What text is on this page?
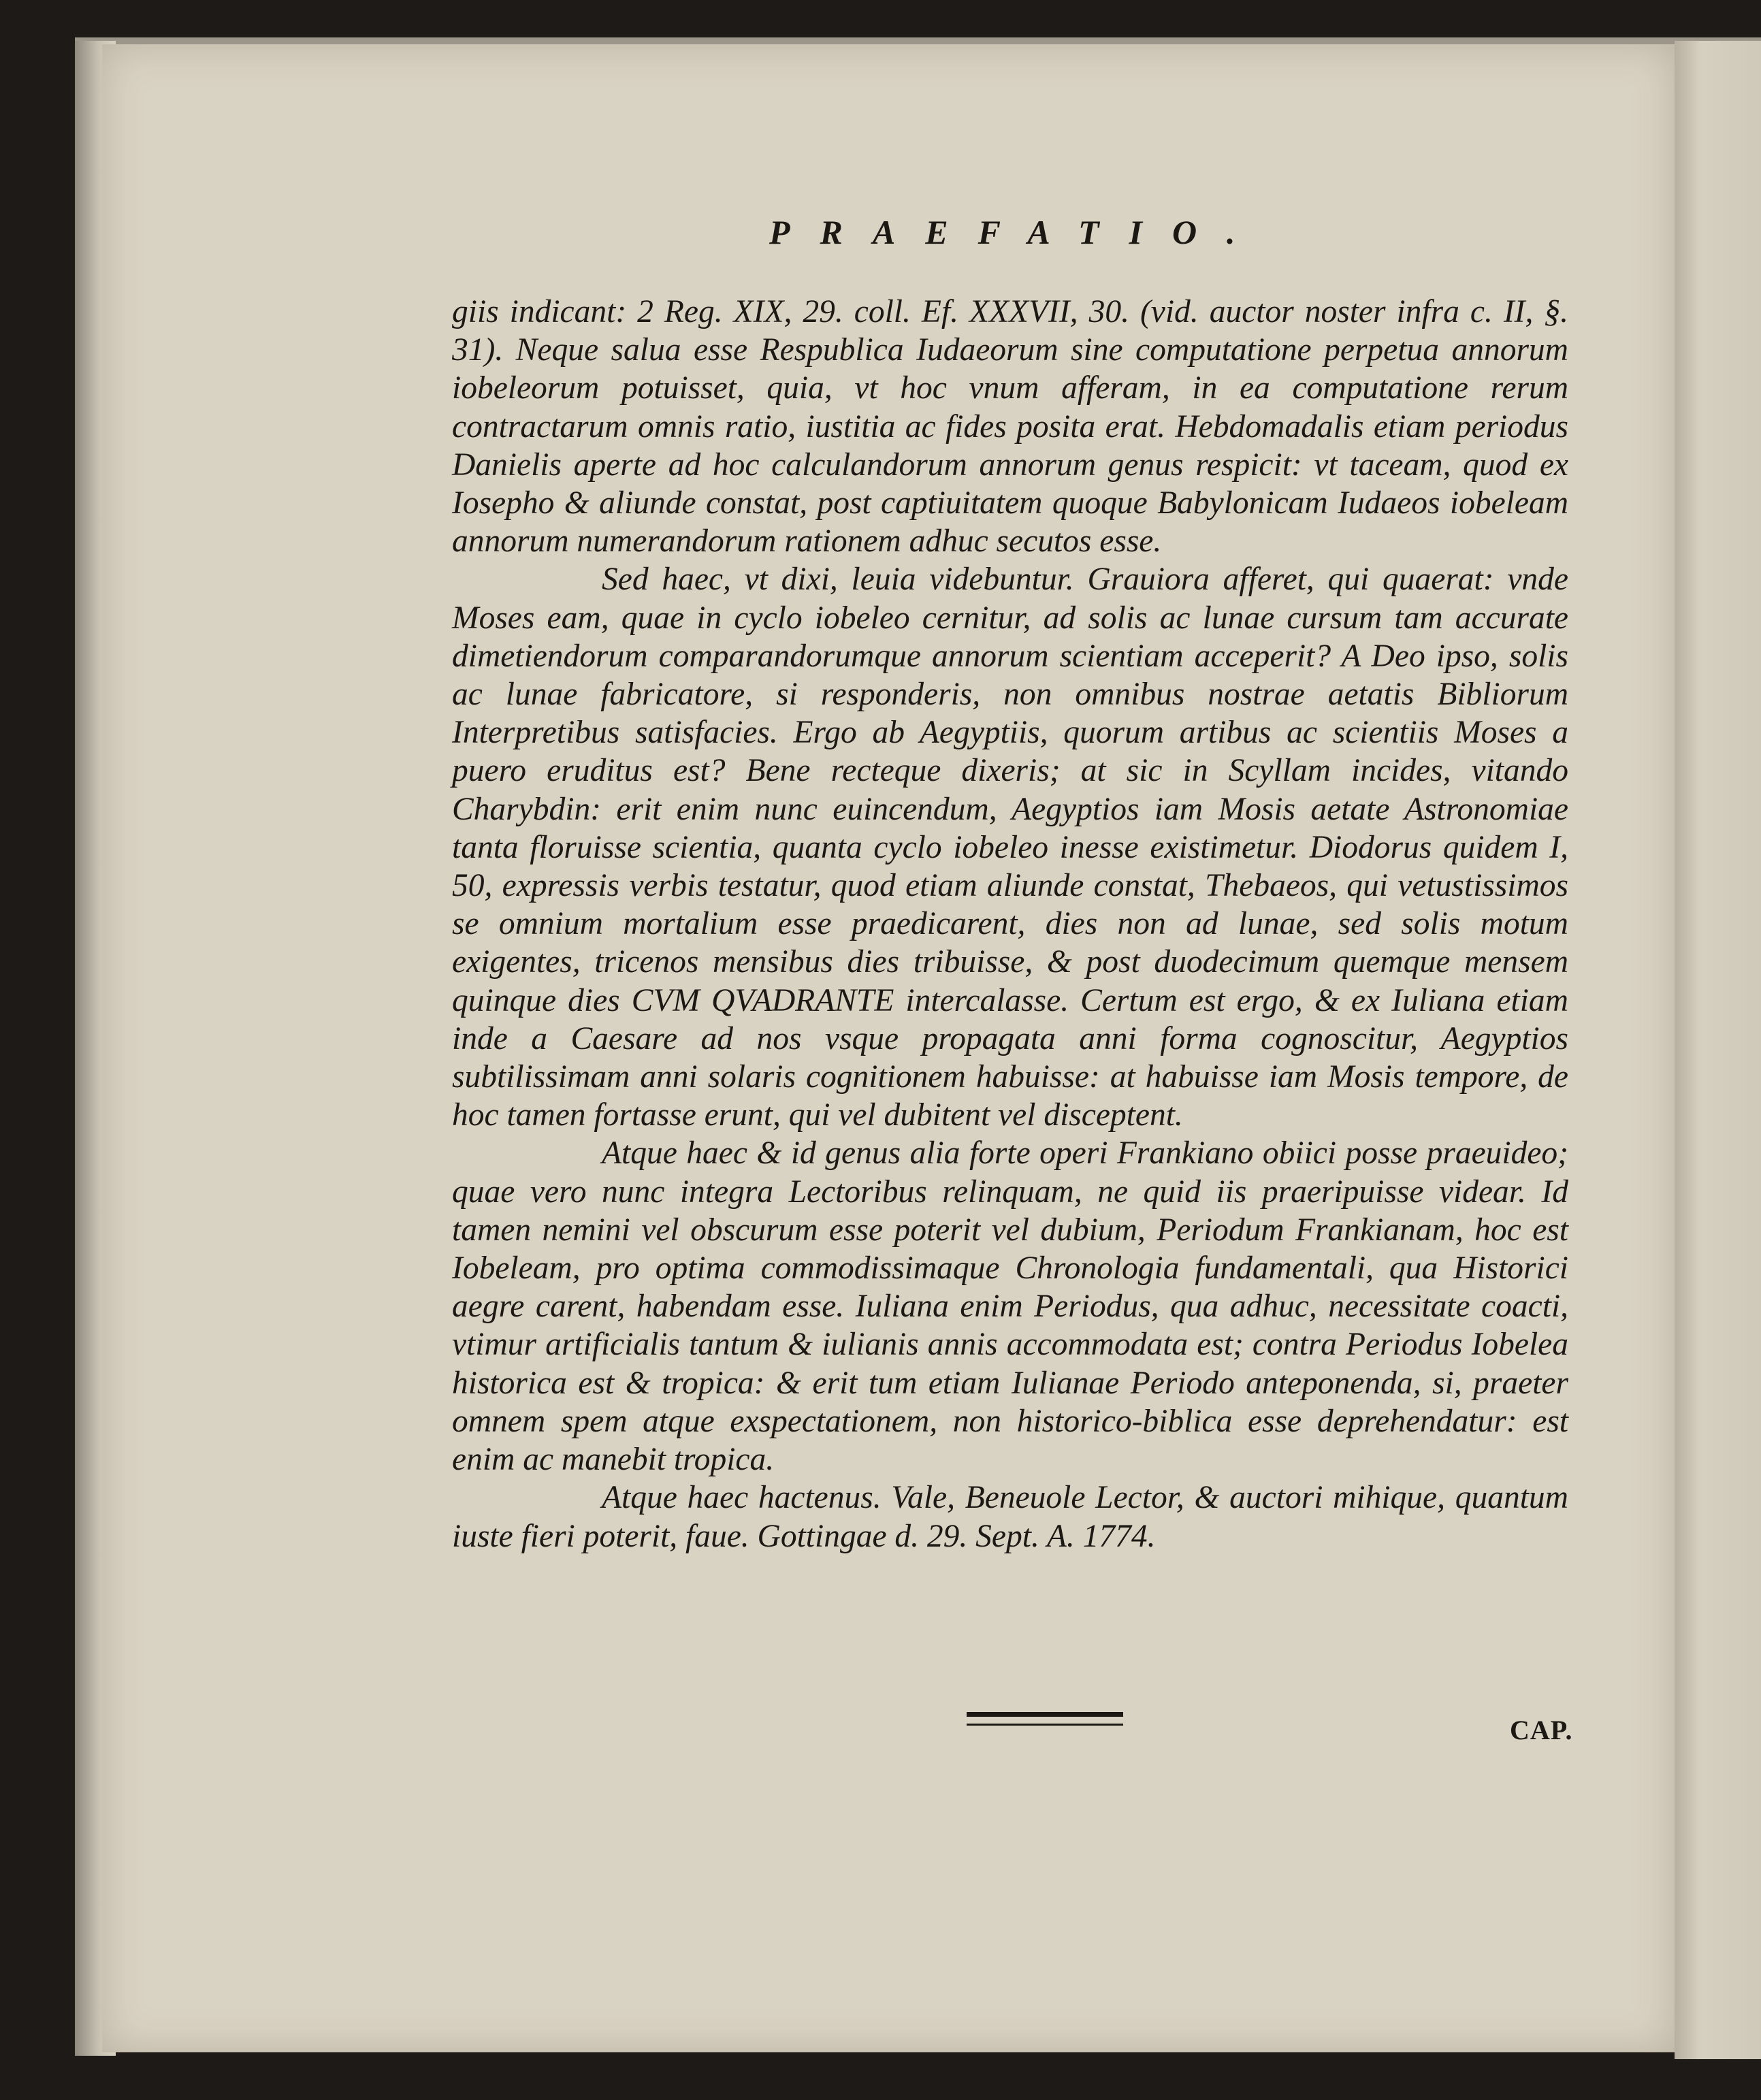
PRAEFATIO.

giis indicant: 2 Reg. XIX, 29. coll. Ef. XXXVII, 30. (vid. auctor noster infra c. II, §. 31). Neque salua esse Respublica Iudaeorum sine computatione perpetua annorum iobeleorum potuisset, quia, vt hoc vnum afferam, in ea computatione rerum contractarum omnis ratio, iustitia ac fides posita erat. Hebdomadalis etiam periodus Danielis aperte ad hoc calculandorum annorum genus respicit: vt taceam, quod ex Iosepho & aliunde constat, post captiuitatem quoque Babylonicam Iudaeos iobeleam annorum numerandorum rationem adhuc secutos esse.

Sed haec, vt dixi, leuia videbuntur. Grauiora afferet, qui quaerat: vnde Moses eam, quae in cyclo iobeleo cernitur, ad solis ac lunae cursum tam accurate dimetiendorum comparandorumque annorum scientiam acceperit? A Deo ipso, solis ac lunae fabricatore, si responderis, non omnibus nostrae aetatis Bibliorum Interpretibus satisfacies. Ergo ab Aegyptiis, quorum artibus ac scientiis Moses a puero eruditus est? Bene recteque dixeris; at sic in Scyllam incides, vitando Charybdin: erit enim nunc euincendum, Aegyptios iam Mosis aetate Astronomiae tanta floruisse scientia, quanta cyclo iobeleo inesse existimetur. Diodorus quidem I, 50, expressis verbis testatur, quod etiam aliunde constat, Thebaeos, qui vetustissimos se omnium mortalium esse praedicarent, dies non ad lunae, sed solis motum exigentes, tricenos mensibus dies tribuisse, & post duodecimum quemque mensem quinque dies CVM QVADRANTE intercalasse. Certum est ergo, & ex Iuliana etiam inde a Caesare ad nos vsque propagata anni forma cognoscitur, Aegyptios subtilissimam anni solaris cognitionem habuisse: at habuisse iam Mosis tempore, de hoc tamen fortasse erunt, qui vel dubitent vel disceptent.

Atque haec & id genus alia forte operi Frankiano obiici posse praeuideo; quae vero nunc integra Lectoribus relinquam, ne quid iis praeripuisse videar. Id tamen nemini vel obscurum esse poterit vel dubium, Periodum Frankianam, hoc est Iobeleam, pro optima commodissimaque Chronologia fundamentali, qua Historici aegre carent, habendam esse. Iuliana enim Periodus, qua adhuc, necessitate coacti, vtimur artificialis tantum & iulianis annis accommodata est; contra Periodus Iobelea historica est & tropica: & erit tum etiam Iulianae Periodo anteponenda, si, praeter omnem spem atque exspectationem, non historico-biblica esse deprehendatur: est enim ac manebit tropica.

Atque haec hactenus. Vale, Beneuole Lector, & auctori mihique, quantum iuste fieri poterit, faue. Gottingae d. 29. Sept. A. 1774.

CAP.
